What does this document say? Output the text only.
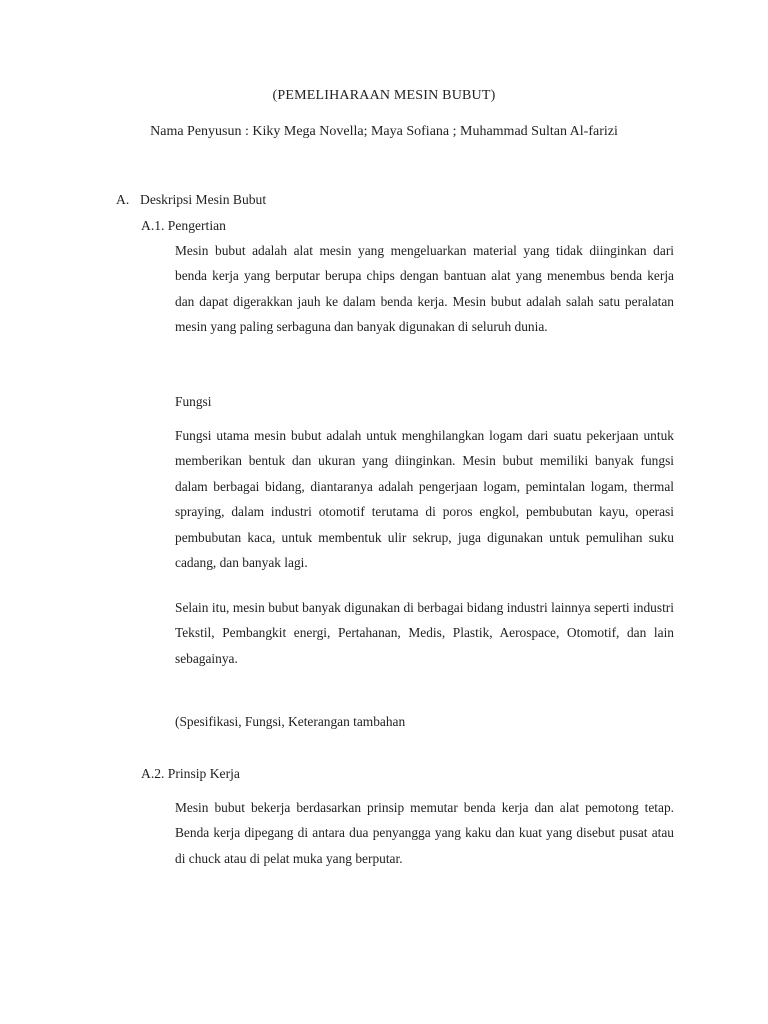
(PEMELIHARAAN MESIN BUBUT)
Nama Penyusun : Kiky Mega Novella; Maya Sofiana ; Muhammad Sultan Al-farizi
A. Deskripsi Mesin Bubut
A.1. Pengertian
Mesin bubut adalah alat mesin yang mengeluarkan material yang tidak diinginkan dari benda kerja yang berputar berupa chips dengan bantuan alat yang menembus benda kerja dan dapat digerakkan jauh ke dalam benda kerja. Mesin bubut adalah salah satu peralatan mesin yang paling serbaguna dan banyak digunakan di seluruh dunia.
Fungsi
Fungsi utama mesin bubut adalah untuk menghilangkan logam dari suatu pekerjaan untuk memberikan bentuk dan ukuran yang diinginkan. Mesin bubut memiliki banyak fungsi dalam berbagai bidang, diantaranya adalah pengerjaan logam, pemintalan logam, thermal spraying, dalam industri otomotif terutama di poros engkol, pembubutan kayu, operasi pembubutan kaca, untuk membentuk ulir sekrup, juga digunakan untuk pemulihan suku cadang, dan banyak lagi.
Selain itu, mesin bubut banyak digunakan di berbagai bidang industri lainnya seperti industri Tekstil, Pembangkit energi, Pertahanan, Medis, Plastik, Aerospace, Otomotif, dan lain sebagainya.
(Spesifikasi, Fungsi, Keterangan tambahan
A.2. Prinsip Kerja
Mesin bubut bekerja berdasarkan prinsip memutar benda kerja dan alat pemotong tetap. Benda kerja dipegang di antara dua penyangga yang kaku dan kuat yang disebut pusat atau di chuck atau di pelat muka yang berputar.
